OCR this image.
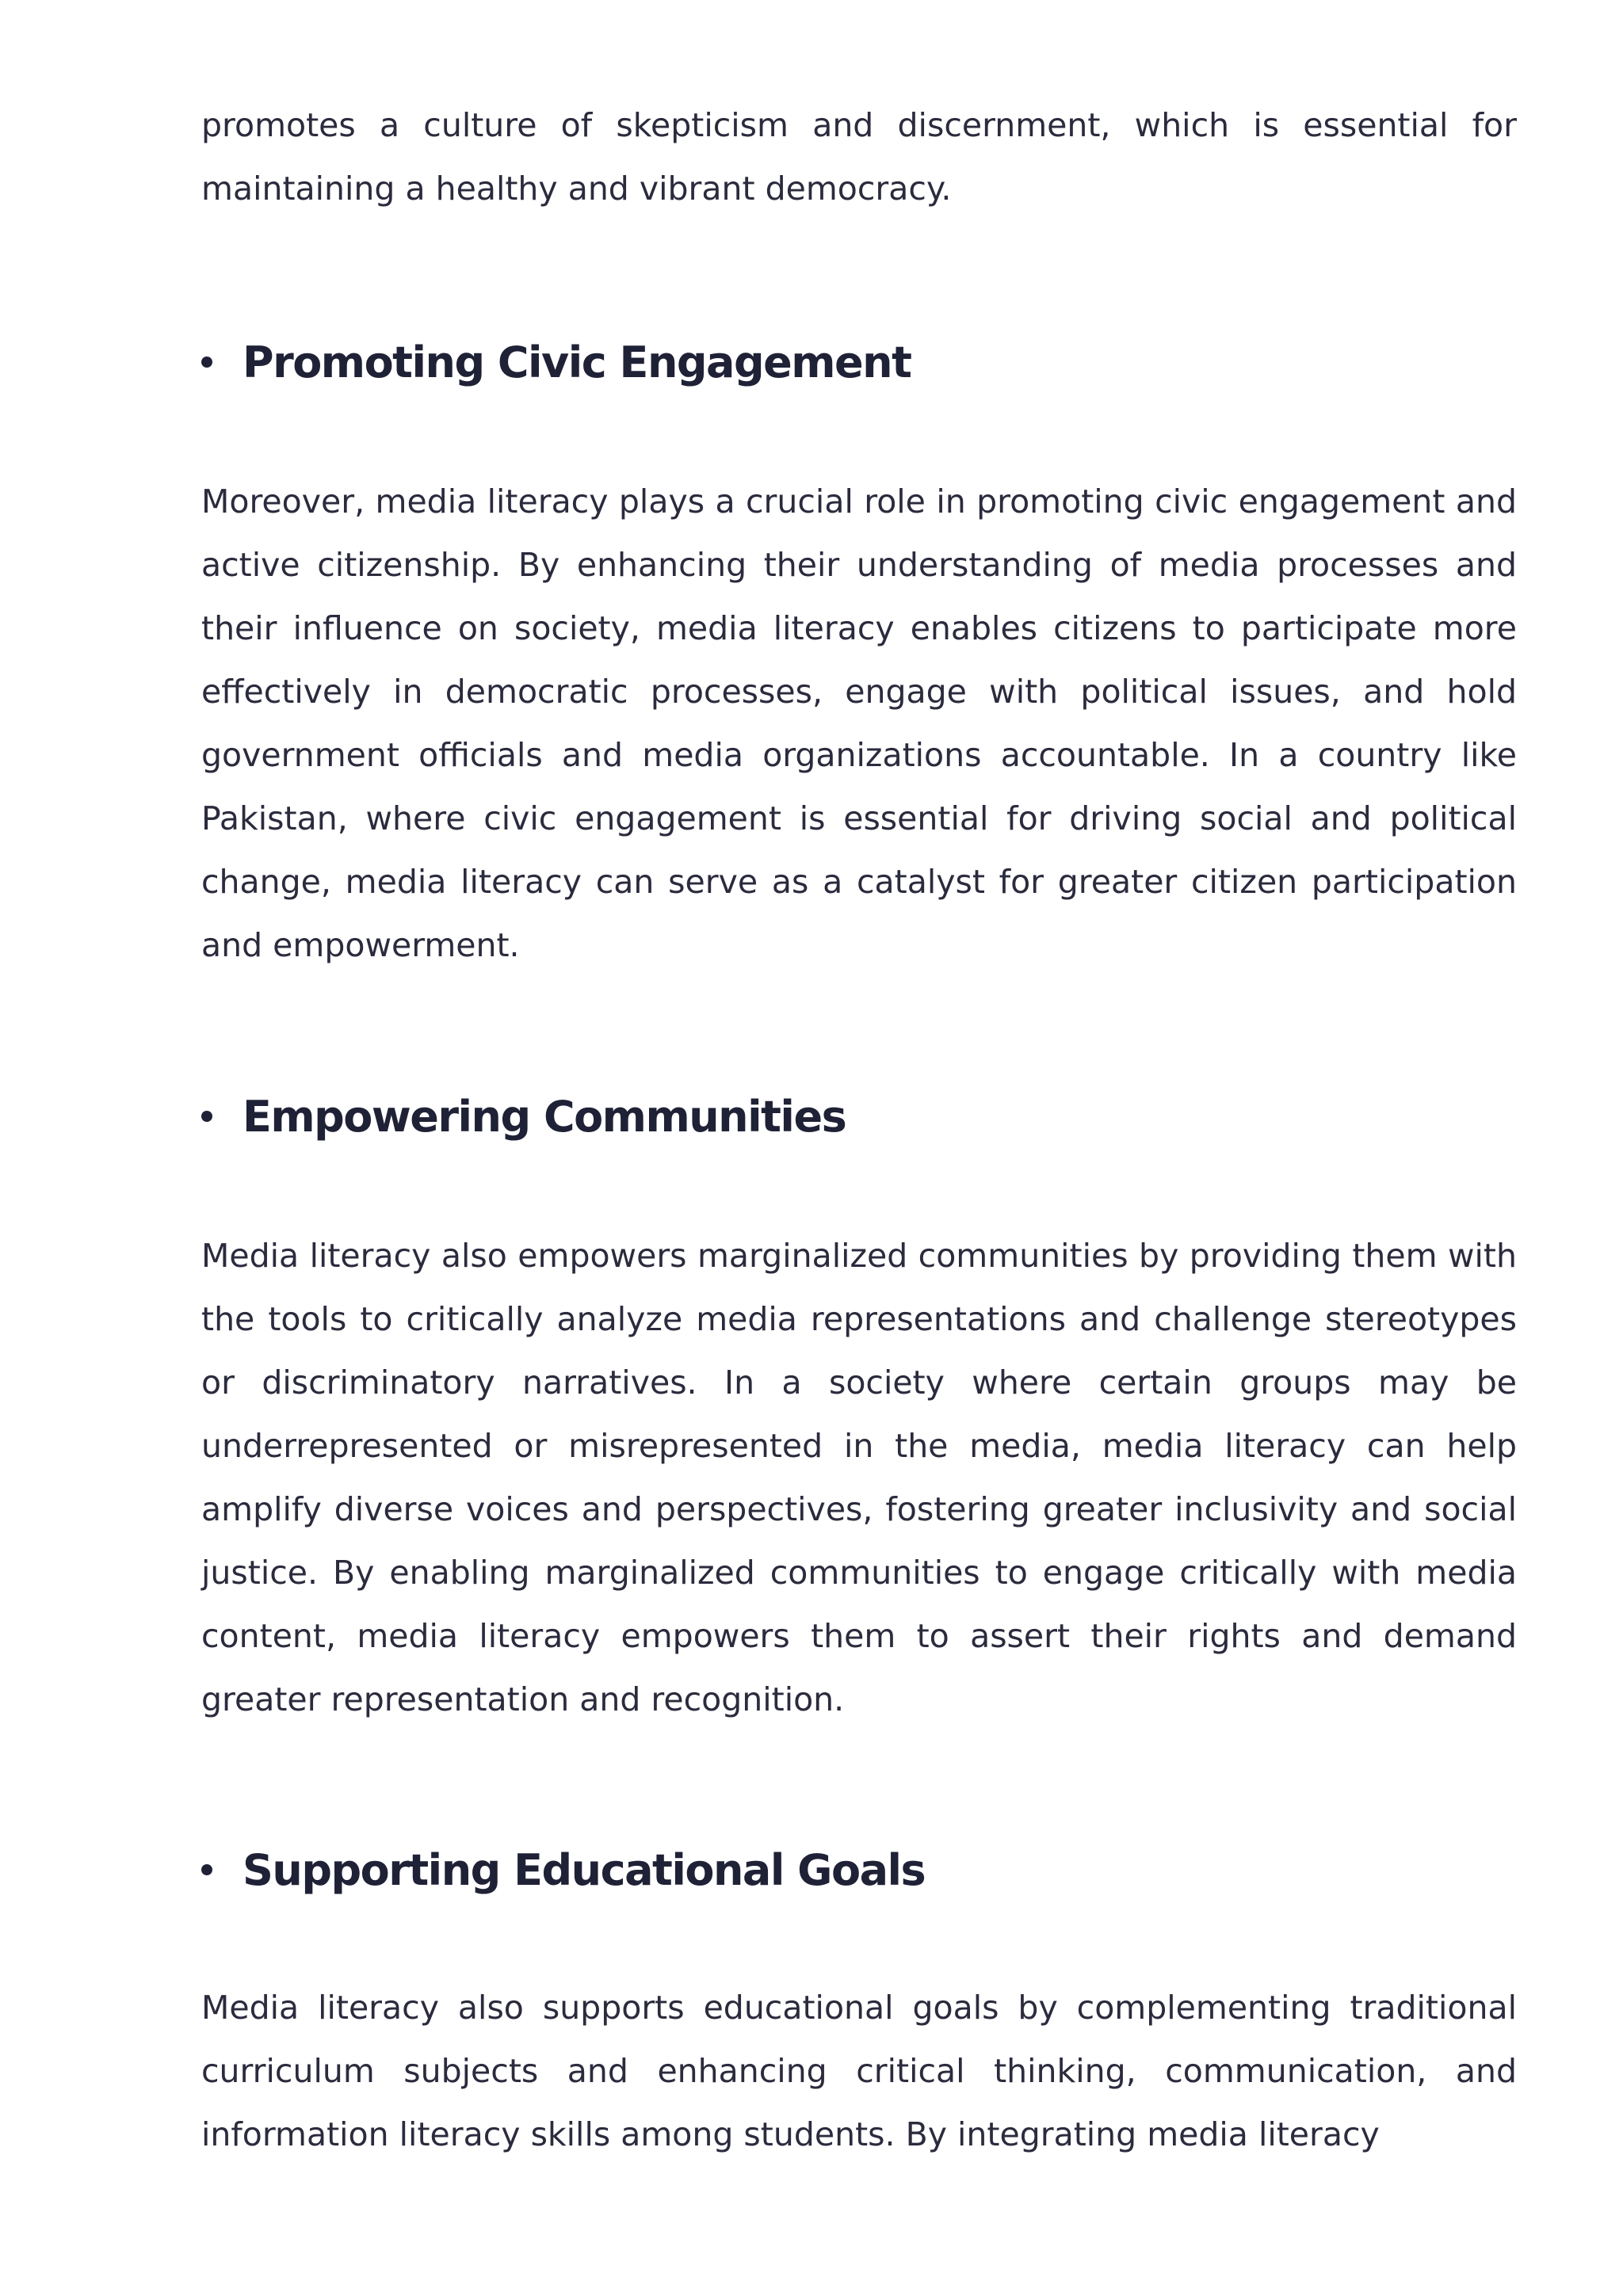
promotes a culture of skepticism and discernment, which is essential for maintaining a healthy and vibrant democracy.

Promoting Civic Engagement

Moreover, media literacy plays a crucial role in promoting civic engagement and active citizenship. By enhancing their understanding of media processes and their influence on society, media literacy enables citizens to participate more effectively in democratic processes, engage with political issues, and hold government officials and media organizations accountable. In a country like Pakistan, where civic engagement is essential for driving social and political change, media literacy can serve as a catalyst for greater citizen participation and empowerment.

Empowering Communities

Media literacy also empowers marginalized communities by providing them with the tools to critically analyze media representations and challenge stereotypes or discriminatory narratives. In a society where certain groups may be underrepresented or misrepresented in the media, media literacy can help amplify diverse voices and perspectives, fostering greater inclusivity and social justice. By enabling marginalized communities to engage critically with media content, media literacy empowers them to assert their rights and demand greater representation and recognition.

Supporting Educational Goals

Media literacy also supports educational goals by complementing traditional curriculum subjects and enhancing critical thinking, communication, and information literacy skills among students. By integrating media literacy
